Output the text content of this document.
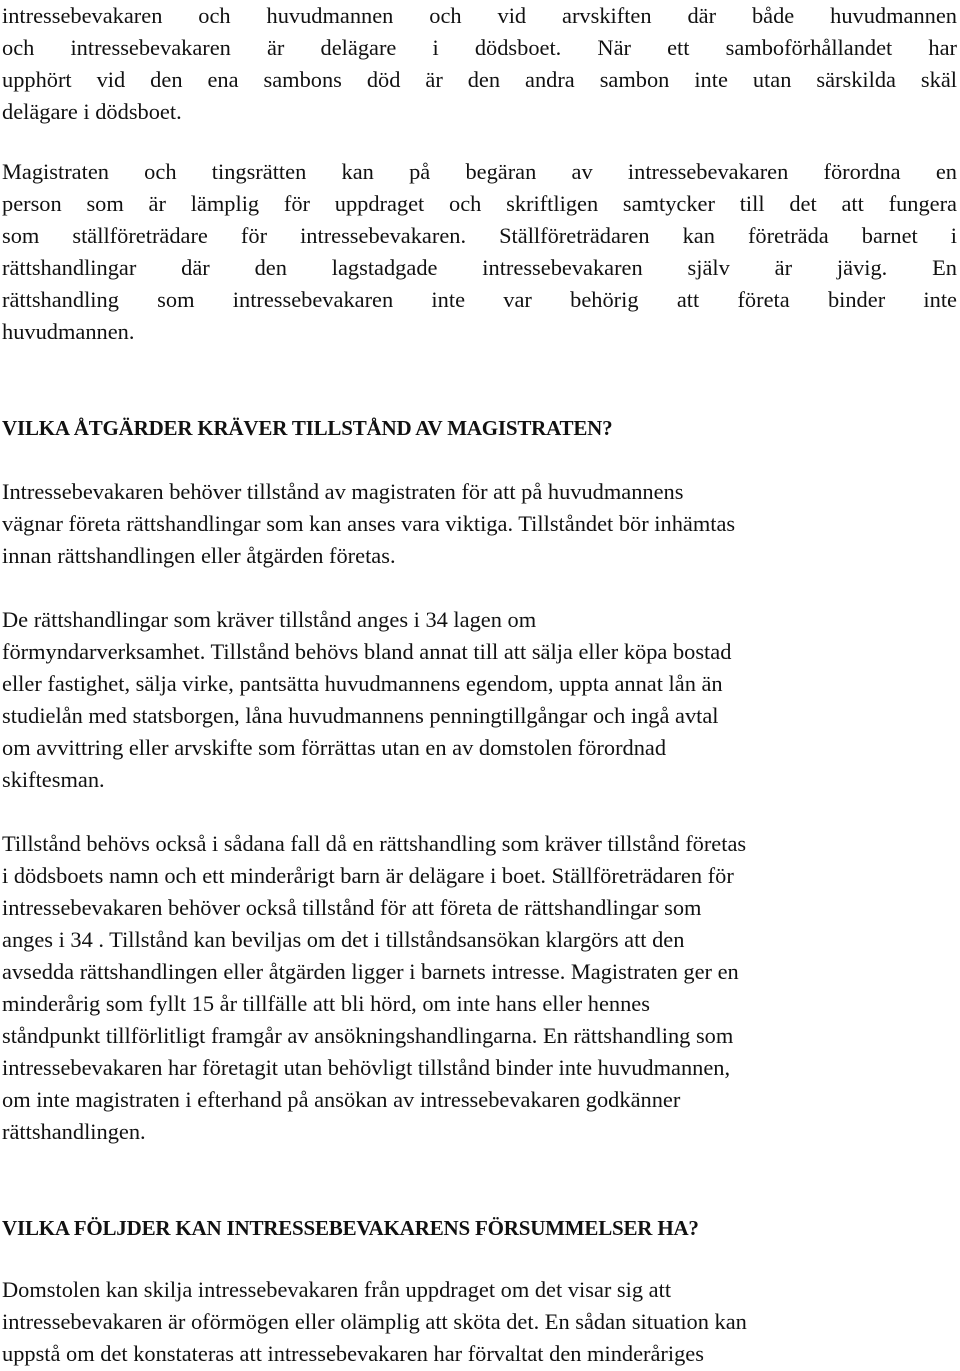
intressebevakaren och huvudmannen och vid arvskiften där både huvudmannen
och intressebevakaren är delägare i dödsboet. När ett samboförhållandet har
upphört vid den ena sambons död är den andra sambon inte utan särskilda skäl
delägare i dödsboet.

Magistraten och tingsrätten kan på begäran av intressebevakaren förordna en
person som är lämplig för uppdraget och skriftligen samtycker till det att fungera
som ställföreträdare för intressebevakaren. Ställföreträdaren kan företräda barnet i
rättshandlingar där den lagstadgade intressebevakaren själv är jävig. En
rättshandling som intressebevakaren inte var behörig att företa binder inte
huvudmannen.

VILKA ÅTGÄRDER KRÄVER TILLSTÅND AV MAGISTRATEN?

Intressebevakaren behöver tillstånd av magistraten för att på huvudmannens
vägnar företa rättshandlingar som kan anses vara viktiga. Tillståndet bör inhämtas
innan rättshandlingen eller åtgärden företas.

De rättshandlingar som kräver tillstånd anges i 34 lagen om
förmyndarverksamhet. Tillstånd behövs bland annat till att sälja eller köpa bostad
eller fastighet, sälja virke, pantsätta huvudmannens egendom, uppta annat lån än
studielån med statsborgen, låna huvudmannens penningtillgångar och ingå avtal
om avvittring eller arvskifte som förrättas utan en av domstolen förordnad
skiftesman.

Tillstånd behövs också i sådana fall då en rättshandling som kräver tillstånd företas
i dödsboets namn och ett minderårigt barn är delägare i boet. Ställföreträdaren för
intressebevakaren behöver också tillstånd för att företa de rättshandlingar som
anges i 34 . Tillstånd kan beviljas om det i tillståndsansökan klargörs att den
avsedda rättshandlingen eller åtgärden ligger i barnets intresse. Magistraten ger en
minderårig som fyllt 15 år tillfälle att bli hörd, om inte hans eller hennes
ståndpunkt tillförlitligt framgår av ansökningshandlingarna. En rättshandling som
intressebevakaren har företagit utan behövligt tillstånd binder inte huvudmannen,
om inte magistraten i efterhand på ansökan av intressebevakaren godkänner
rättshandlingen.

VILKA FÖLJDER KAN INTRESSEBEVAKARENS FÖRSUMMELSER HA?

Domstolen kan skilja intressebevakaren från uppdraget om det visar sig att
intressebevakaren är oförmögen eller olämplig att sköta det. En sådan situation kan
uppstå om det konstateras att intressebevakaren har förvaltat den minderåriges
